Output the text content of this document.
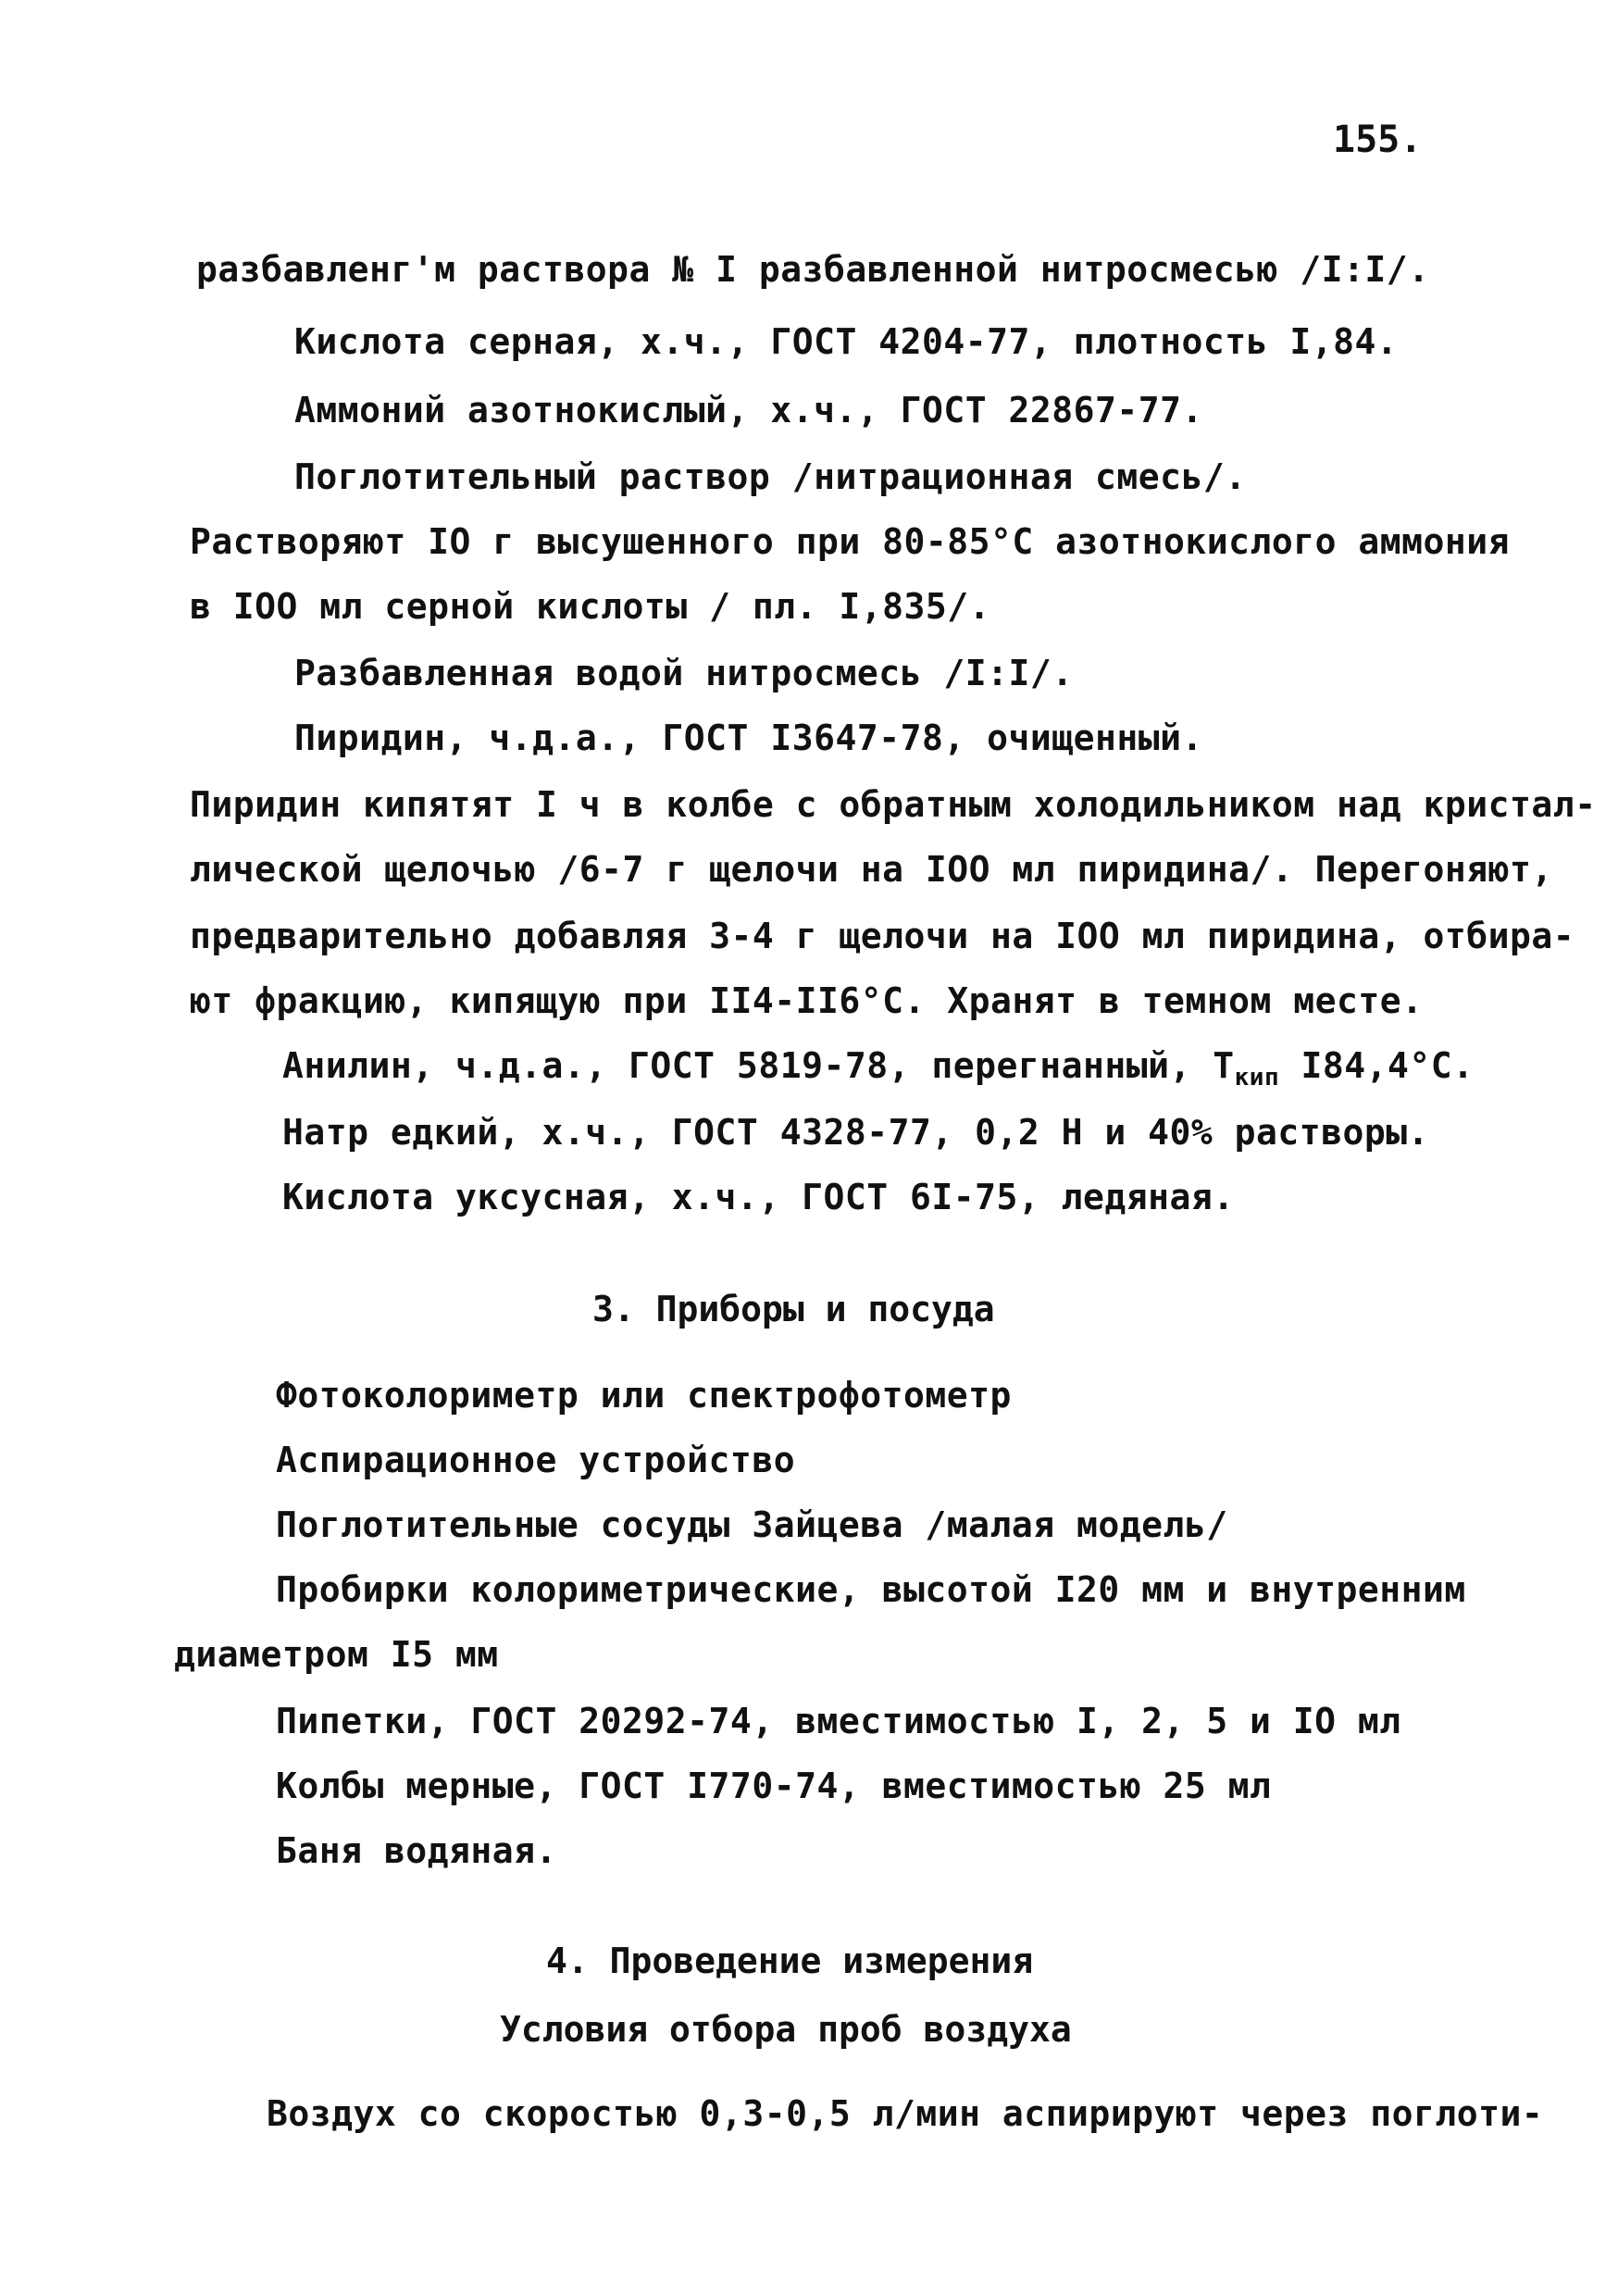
155.
разбавленг'м раствора № I разбавленной нитросмесью /I:I/.
Кислота серная, х.ч., ГОСТ 4204-77, плотность I,84.
Аммоний азотнокислый, х.ч., ГОСТ 22867-77.
Поглотительный раствор /нитрационная смесь/.
Растворяют IO г высушенного при 80-85°C азотнокислого аммония
в IOO мл серной кислоты / пл. I,835/.
Разбавленная водой нитросмесь /I:I/.
Пиридин, ч.д.а., ГОСТ I3647-78, очищенный.
Пиридин кипятят I ч в колбе с обратным холодильником над кристал-
лической щелочью /6-7 г щелочи на IOO мл пиридина/. Перегоняют,
предварительно добавляя 3-4 г щелочи на IOO мл пиридина, отбира-
ют фракцию, кипящую при II4-II6°C. Хранят в темном месте.
Анилин, ч.д.а., ГОСТ 5819-78, перегнанный, $T_{кип}$ I84,4°C.
Натр едкий, х.ч., ГОСТ 4328-77, 0,2 Н и 40% растворы.
Кислота уксусная, х.ч., ГОСТ 6I-75, ледяная.
3. Приборы и посуда
Фотоколориметр или спектрофотометр
Аспирационное устройство
Поглотительные сосуды Зайцева /малая модель/
Пробирки колориметрические, высотой I20 мм и внутренним
диаметром I5 мм
Пипетки, ГОСТ 20292-74, вместимостью I, 2, 5 и IO мл
Колбы мерные, ГОСТ I770-74, вместимостью 25 мл
Баня водяная.
4. Проведение измерения
Условия отбора проб воздуха
Воздух со скоростью 0,3-0,5 л/мин аспирируют через поглоти-
